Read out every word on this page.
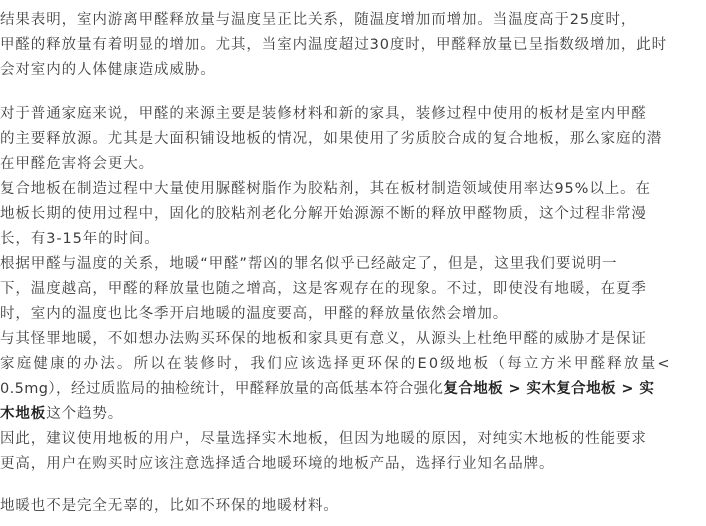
结果表明，室内游离甲醛释放量与温度呈正比关系，随温度增加而增加。当温度高于25度时，
甲醛的释放量有着明显的增加。尤其，当室内温度超过30度时，甲醛释放量已呈指数级增加，此时
会对室内的人体健康造成威胁。
对于普通家庭来说，甲醛的来源主要是装修材料和新的家具，装修过程中使用的板材是室内甲醛
的主要释放源。尤其是大面积铺设地板的情况，如果使用了劣质胶合成的复合地板，那么家庭的潜
在甲醛危害将会更大。
复合地板在制造过程中大量使用脲醛树脂作为胶粘剂，其在板材制造领域使用率达95%以上。在
地板长期的使用过程中，固化的胶粘剂老化分解开始源源不断的释放甲醛物质，这个过程非常漫
长，有3-15年的时间。
根据甲醛与温度的关系，地暖“甲醛”帮凶的罪名似乎已经敲定了，但是，这里我们要说明一
下，温度越高，甲醛的释放量也随之增高，这是客观存在的现象。不过，即使没有地暖，在夏季
时，室内的温度也比冬季开启地暖的温度要高，甲醛的释放量依然会增加。
与其怪罪地暖，不如想办法购买环保的地板和家具更有意义，从源头上杜绝甲醛的威胁才是保证
家庭健康的办法。所以在装修时，我们应该选择更环保的E0级地板（每立方米甲醛释放量<
0.5mg），经过质监局的抽检统计，甲醛释放量的高低基本符合强化复合地板 > 实木复合地板 > 实
木地板这个趋势。
因此，建议使用地板的用户，尽量选择实木地板，但因为地暖的原因，对纯实木地板的性能要求
更高，用户在购买时应该注意选择适合地暖环境的地板产品，选择行业知名品牌。
地暖也不是完全无辜的，比如不环保的地暖材料。
